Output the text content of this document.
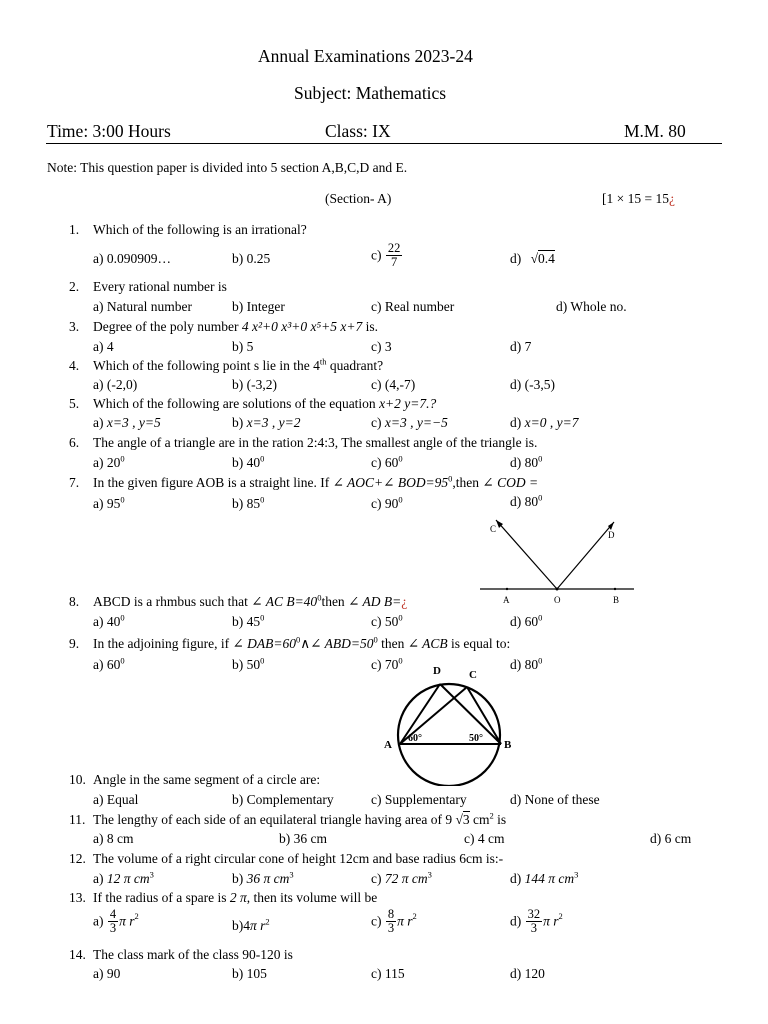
Annual Examinations 2023-24
Subject: Mathematics
Time: 3:00 Hours	Class: IX	M.M. 80
Note: This question paper is divided into 5 section A,B,C,D and E.
(Section- A)	[1 × 15 = 15¿
1. Which of the following is an irrational?
a) 0.090909…	b) 0.25	$c) \frac{22}{7}$	d) √0.4
2. Every rational number is
a) Natural number	b) Integer	c) Real number	d) Whole no.
3. Degree of the poly number 4 x²+0 x³+0 x⁵+5 x+7 is.
a) 4	b) 5	c) 3	d) 7
4. Which of the following point s lie in the 4th quadrant?
a) (-2,0)	b) (-3,2)	c) (4,-7)	d) (-3,5)
5. Which of the following are solutions of the equation x+2 y=7.?
a) x=3 , y=5	b) x=3 , y=2	c) x=3 , y=−5	d) x=0 , y=7
6. The angle of a triangle are in the ration 2:4:3, The smallest angle of the triangle is.
a) $20^0$	b) $40^0$	c) $60^0$	d) $80^0$
7. In the given figure AOB is a straight line. If ∠ AOC+∠ $BOD=95^0,then$ ∠ COD =
a) $95^0$	b) $85^0$	c) $90^0$	d) $80^0$
C
D
A	O	B
8. ABCD is a rhmbus such that ∠ AC $B=40^0then$ ∠ AD B=¿
a) $40^0$	b) $45^0$	c) $50^0$	d) $60^0$
9. In the adjoining figure, if ∠ $DAB=60^0\wedge\angle$ $ABD=50^0$ then ∠ ACB is equal to:
a) $60^0$	b) $50^0$	c) $70^0$	d) $80^0$
D	C
A	B
60°	50°
10. Angle in the same segment of a circle are:
a) Equal	b) Complementary	c) Supplementary	d) None of these
11. The lengthy of each side of an equilateral triangle having area of 9 √3 $cm^2$ is
a) 8 cm	b) 36 cm	c) 4 cm	d) 6 cm
12. The volume of a right circular cone of height 12cm and base radius 6cm is:-
a) 12 π $cm^3$	b) 36 π $cm^3$	c) 72 π $cm^3$	d) 144 π $cm^3$
13. If the radius of a spare is 2 π, then its volume will be
$a) \frac{4}{3}$ π $r^2$
b)4π $r^2$	$c) \frac{8}{3}$ π $r^2$	$d) \frac{32}{3}$ π $r^2$
14. The class mark of the class 90-120 is
a) 90	b) 105	c) 115	d) 120
